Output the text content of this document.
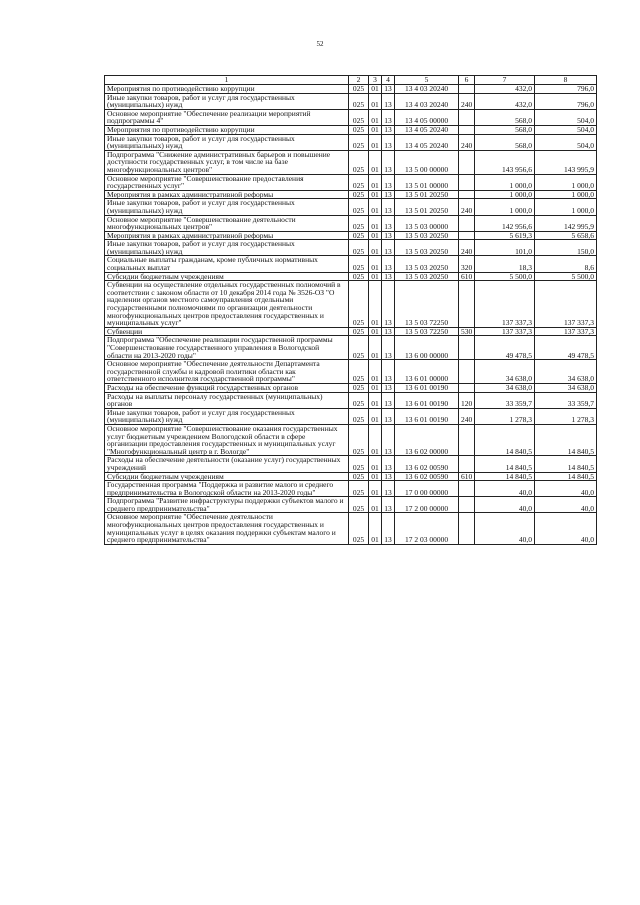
52
1	2	3	4	5	6	7	8
Мероприятия по противодействию коррупции	025	01	13	13 4 03 20240		432,0	796,0
Иные закупки товаров, работ и услуг для государственных (муниципальных) нужд	025	01	13	13 4 03 20240	240	432,0	796,0
Основное мероприятие "Обеспечение реализации мероприятий подпрограммы 4"	025	01	13	13 4 05 00000		568,0	504,0
Мероприятия по противодействию коррупции	025	01	13	13 4 05 20240		568,0	504,0
Иные закупки товаров, работ и услуг для государственных (муниципальных) нужд	025	01	13	13 4 05 20240	240	568,0	504,0
Подпрограмма "Снижение административных барьеров и повышение доступности государственных услуг, в том числе на базе многофункциональных центров"	025	01	13	13 5 00 00000		143 956,6	143 995,9
Основное мероприятие "Совершенствование предоставления государственных услуг"	025	01	13	13 5 01 00000		1 000,0	1 000,0
Мероприятия в рамках административной реформы	025	01	13	13 5 01 20250		1 000,0	1 000,0
Иные закупки товаров, работ и услуг для государственных (муниципальных) нужд	025	01	13	13 5 01 20250	240	1 000,0	1 000,0
Основное мероприятие "Совершенствование деятельности многофункциональных центров"	025	01	13	13 5 03 00000		142 956,6	142 995,9
Мероприятия в рамках административной реформы	025	01	13	13 5 03 20250		5 619,3	5 658,6
Иные закупки товаров, работ и услуг для государственных (муниципальных) нужд	025	01	13	13 5 03 20250	240	101,0	150,0
Социальные выплаты гражданам, кроме публичных нормативных социальных выплат	025	01	13	13 5 03 20250	320	18,3	8,6
Субсидии бюджетным учреждениям	025	01	13	13 5 03 20250	610	5 500,0	5 500,0
Субвенции на осуществление отдельных государственных полномочий в соответствии с законом области от 10 декабря 2014 года № 3526-ОЗ "О наделении органов местного самоуправления отдельными государственными полномочиями по организации деятельности многофункциональных центров предоставления государственных и муниципальных услуг"	025	01	13	13 5 03 72250		137 337,3	137 337,3
Субвенции	025	01	13	13 5 03 72250	530	137 337,3	137 337,3
Подпрограмма "Обеспечение реализации государственной программы "Совершенствование государственного управления в Вологодской области на 2013-2020 годы"	025	01	13	13 6 00 00000		49 478,5	49 478,5
Основное мероприятие "Обеспечение деятельности Департамента государственной службы и кадровой политики области как ответственного исполнителя государственной программы"	025	01	13	13 6 01 00000		34 638,0	34 638,0
Расходы на обеспечение функций государственных органов	025	01	13	13 6 01 00190		34 638,0	34 638,0
Расходы на выплаты персоналу государственных (муниципальных) органов	025	01	13	13 6 01 00190	120	33 359,7	33 359,7
Иные закупки товаров, работ и услуг для государственных (муниципальных) нужд	025	01	13	13 6 01 00190	240	1 278,3	1 278,3
Основное мероприятие "Совершенствование оказания государственных услуг бюджетным учреждением Вологодской области в сфере организации предоставления государственных и муниципальных услуг "Многофункциональный центр в г. Вологде"	025	01	13	13 6 02 00000		14 840,5	14 840,5
Расходы на обеспечение деятельности (оказание услуг) государственных учреждений	025	01	13	13 6 02 00590		14 840,5	14 840,5
Субсидии бюджетным учреждениям	025	01	13	13 6 02 00590	610	14 840,5	14 840,5
Государственная программа "Поддержка и развитие малого и среднего предпринимательства в Вологодской области на 2013-2020 годы"	025	01	13	17 0 00 00000		40,0	40,0
Подпрограмма "Развитие инфраструктуры поддержки субъектов малого и среднего предпринимательства"	025	01	13	17 2 00 00000		40,0	40,0
Основное мероприятие "Обеспечение деятельности многофункциональных центров предоставления государственных и муниципальных услуг в целях оказания поддержки субъектам малого и среднего предпринимательства"	025	01	13	17 2 03 00000		40,0	40,0
